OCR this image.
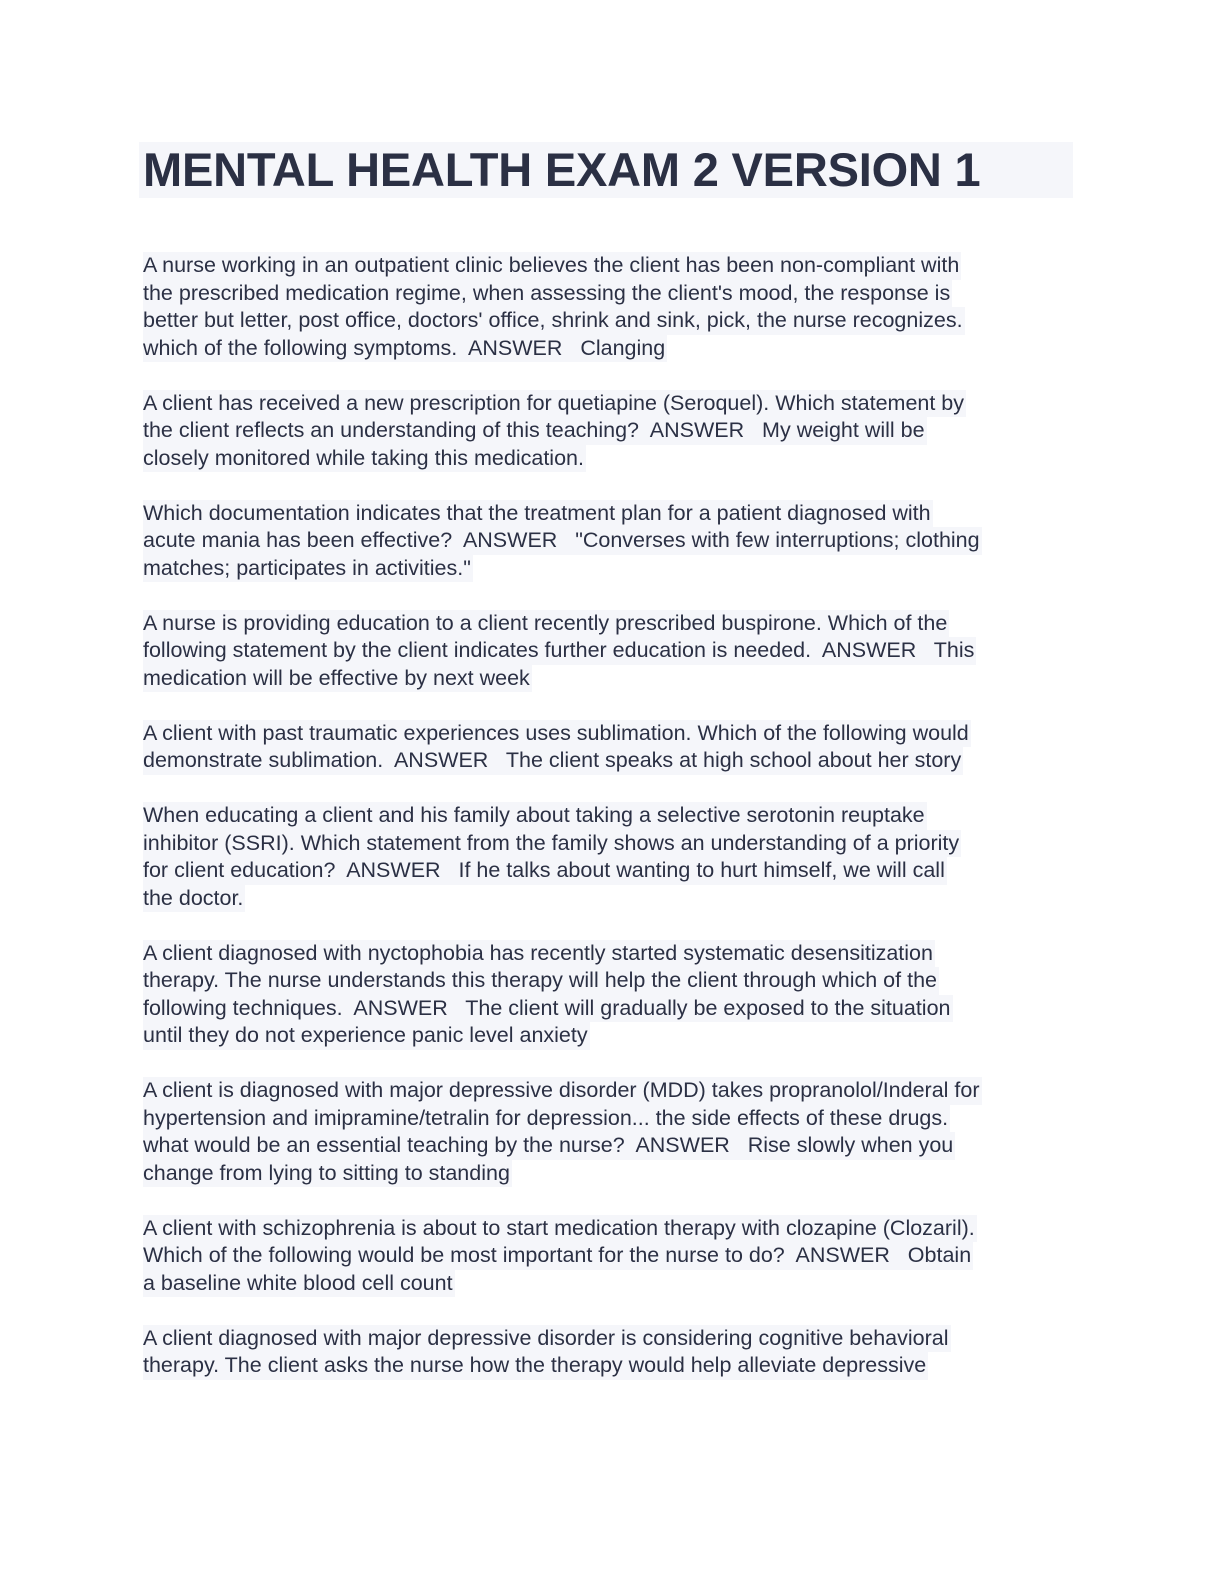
MENTAL HEALTH EXAM 2 VERSION 1
A nurse working in an outpatient clinic believes the client has been non-compliant with
the prescribed medication regime, when assessing the client's mood, the response is
better but letter, post office, doctors' office, shrink and sink, pick, the nurse recognizes.
which of the following symptoms.  ANSWER   Clanging
A client has received a new prescription for quetiapine (Seroquel). Which statement by
the client reflects an understanding of this teaching?  ANSWER   My weight will be
closely monitored while taking this medication.
Which documentation indicates that the treatment plan for a patient diagnosed with
acute mania has been effective?  ANSWER   "Converses with few interruptions; clothing
matches; participates in activities."
A nurse is providing education to a client recently prescribed buspirone. Which of the
following statement by the client indicates further education is needed.  ANSWER   This
medication will be effective by next week
A client with past traumatic experiences uses sublimation. Which of the following would
demonstrate sublimation.  ANSWER   The client speaks at high school about her story
When educating a client and his family about taking a selective serotonin reuptake
inhibitor (SSRI). Which statement from the family shows an understanding of a priority
for client education?  ANSWER   If he talks about wanting to hurt himself, we will call
the doctor.
A client diagnosed with nyctophobia has recently started systematic desensitization
therapy. The nurse understands this therapy will help the client through which of the
following techniques.  ANSWER   The client will gradually be exposed to the situation
until they do not experience panic level anxiety
A client is diagnosed with major depressive disorder (MDD) takes propranolol/Inderal for
hypertension and imipramine/tetralin for depression... the side effects of these drugs.
what would be an essential teaching by the nurse?  ANSWER   Rise slowly when you
change from lying to sitting to standing
A client with schizophrenia is about to start medication therapy with clozapine (Clozaril).
Which of the following would be most important for the nurse to do?  ANSWER   Obtain
a baseline white blood cell count
A client diagnosed with major depressive disorder is considering cognitive behavioral
therapy. The client asks the nurse how the therapy would help alleviate depressive
